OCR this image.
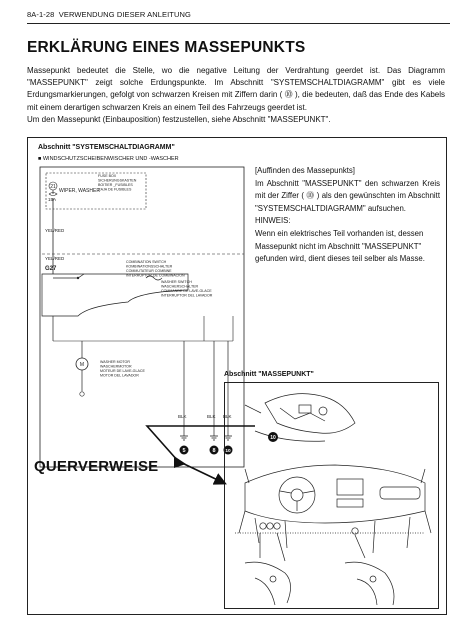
8A-1-28 VERWENDUNG DIESER ANLEITUNG
ERKLÄRUNG EINES MASSEPUNKTS

Massepunkt bedeutet die Stelle, wo die negative Leitung der Verdrahtung geerdet ist. Das Diagramm "MASSEPUNKT" zeigt solche Erdungspunkte. Im Abschnitt "SYSTEMSCHALTDIAGRAMM" gibt es viele Erdungsmarkierungen, gefolgt von schwarzen Kreisen mit Ziffern darin ( ⓾ ), die bedeuten, daß das Ende des Kabels mit einem derartigen schwarzen Kreis an einem Teil des Fahrzeugs geerdet ist.

Um den Massepunkt (Einbauposition) festzustellen, siehe Abschnitt "MASSEPUNKT".

Abschnitt "SYSTEMSCHALTDIAGRAMM"
■ WINDSCHUTZSCHEIBENWISCHER UND -WASCHER
21
WIPER, WASHER
15A
FUSE BOX
SICHERUNGSKASTEN
BOITIER _FUSIBLES
CAJA DE FUSIBLES
YEL/RED
YEL/RED
G27
COMBINATION SWITCH
KOMBINATIONSSCHALTER
COMMUTATEUR COMBINE
INTERRUPTOR DE COMBINACION
WASHER SWITCH
WASCHERSCHALTER
COMMANDE DE LAVE-GLACE
INTERRUPTOR DEL LAVADOR
M	WASHER MOTOR
WASCHERMOTOR
MOTEUR DE LAVE-GLACE
MOTOR DEL LAVADOR
BLK	BLK BLK
5	8 10

[Auffinden des Massepunkts]

Im Abschnitt "MASSEPUNKT" den schwarzen Kreis mit der Ziffer ( ⓾ ) als den gewünschten im Abschnitt "SYSTEMSCHALTDIAGRAMM" aufsuchen.

HINWEIS:

Wenn ein elektrisches Teil vorhanden ist, dessen Massepunkt nicht im Abschnitt "MASSEPUNKT" gefunden wird, dient dieses teil selber als Masse.

Abschnitt "MASSEPUNKT"
10
QUERVERWEISE
